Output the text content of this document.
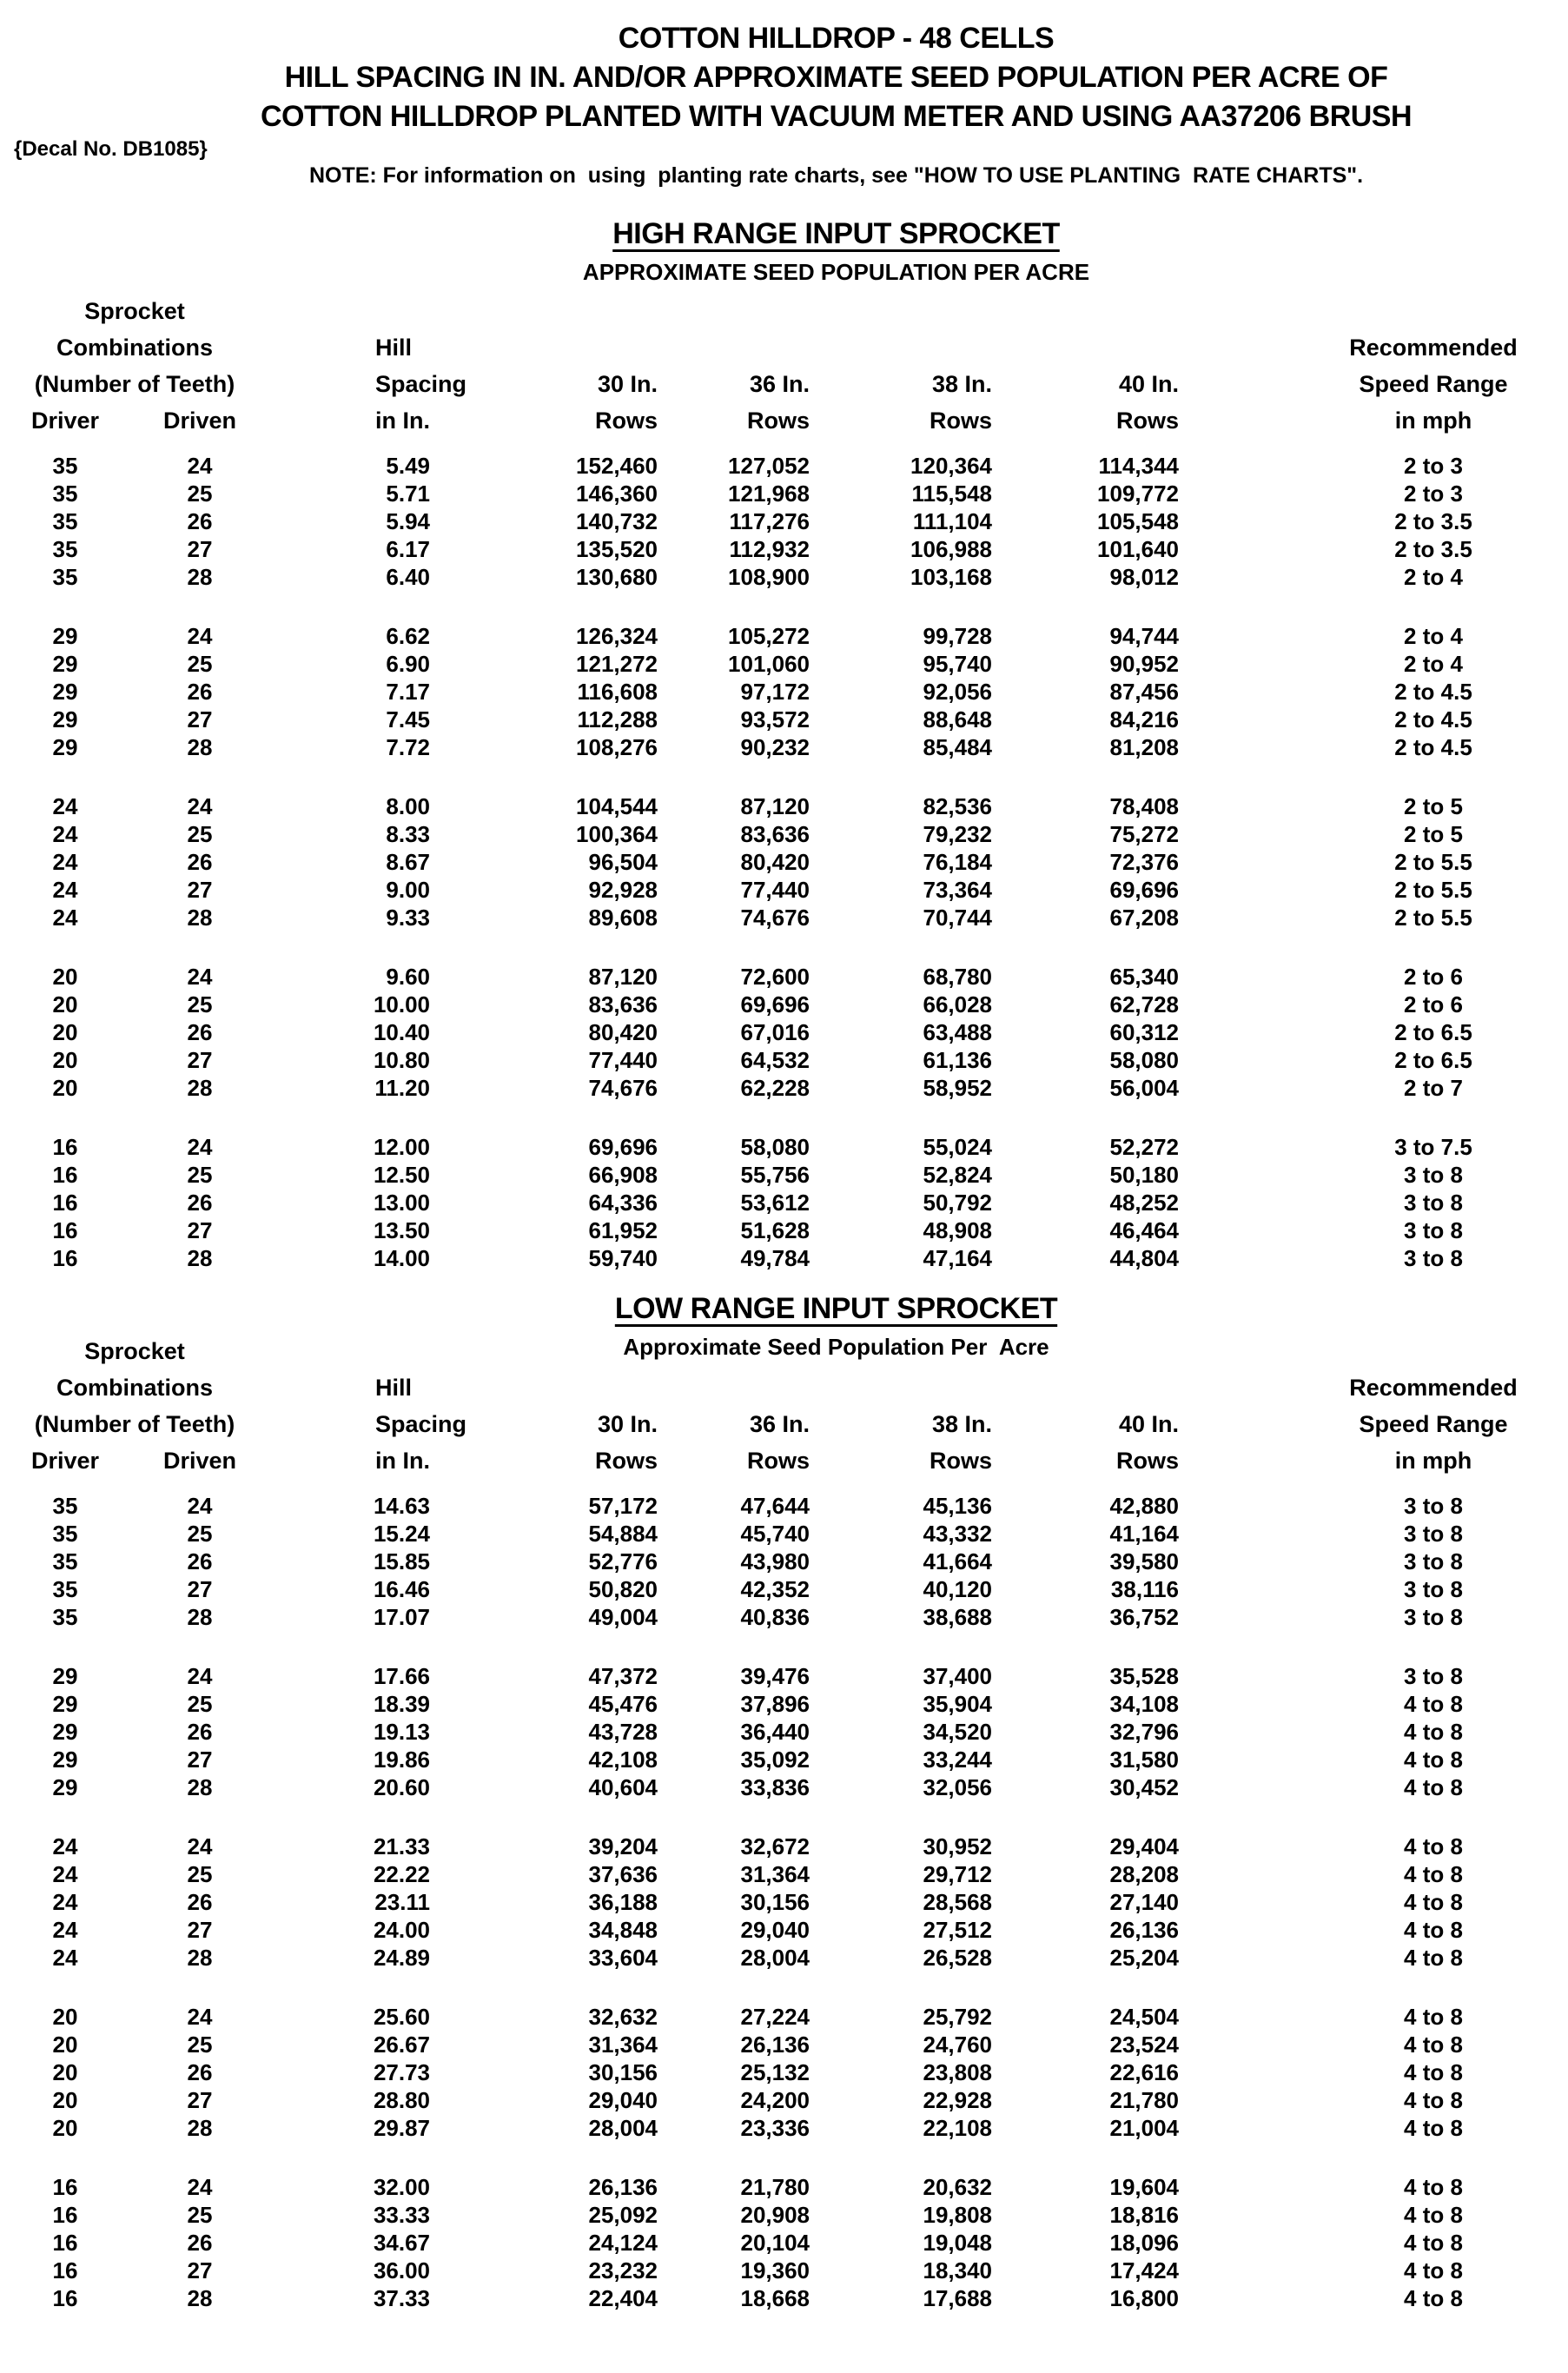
COTTON HILLDROP - 48 CELLS
HILL SPACING IN IN. AND/OR APPROXIMATE SEED POPULATION PER ACRE OF
COTTON HILLDROP PLANTED WITH VACUUM METER AND USING AA37206 BRUSH
{Decal No. DB1085}
NOTE: For information on  using  planting rate charts, see "HOW TO USE PLANTING  RATE CHARTS".
HIGH RANGE INPUT SPROCKET
APPROXIMATE SEED POPULATION PER ACRE
Sprocket							
Combinations		Hill					Recommended
(Number of Teeth)		Spacing	30 In.	36 In.	38 In.	40 In.	Speed Range
Driver	Driven	in In.	Rows	Rows	Rows	Rows	in mph

35	24	5.49	152,460	127,052	120,364	114,344	2 to 3
35	25	5.71	146,360	121,968	115,548	109,772	2 to 3
35	26	5.94	140,732	117,276	111,104	105,548	2 to 3.5
35	27	6.17	135,520	112,932	106,988	101,640	2 to 3.5
35	28	6.40	130,680	108,900	103,168	98,012	2 to 4

29	24	6.62	126,324	105,272	99,728	94,744	2 to 4
29	25	6.90	121,272	101,060	95,740	90,952	2 to 4
29	26	7.17	116,608	97,172	92,056	87,456	2 to 4.5
29	27	7.45	112,288	93,572	88,648	84,216	2 to 4.5
29	28	7.72	108,276	90,232	85,484	81,208	2 to 4.5

24	24	8.00	104,544	87,120	82,536	78,408	2 to 5
24	25	8.33	100,364	83,636	79,232	75,272	2 to 5
24	26	8.67	96,504	80,420	76,184	72,376	2 to 5.5
24	27	9.00	92,928	77,440	73,364	69,696	2 to 5.5
24	28	9.33	89,608	74,676	70,744	67,208	2 to 5.5

20	24	9.60	87,120	72,600	68,780	65,340	2 to 6
20	25	10.00	83,636	69,696	66,028	62,728	2 to 6
20	26	10.40	80,420	67,016	63,488	60,312	2 to 6.5
20	27	10.80	77,440	64,532	61,136	58,080	2 to 6.5
20	28	11.20	74,676	62,228	58,952	56,004	2 to 7

16	24	12.00	69,696	58,080	55,024	52,272	3 to 7.5
16	25	12.50	66,908	55,756	52,824	50,180	3 to 8
16	26	13.00	64,336	53,612	50,792	48,252	3 to 8
16	27	13.50	61,952	51,628	48,908	46,464	3 to 8
16	28	14.00	59,740	49,784	47,164	44,804	3 to 8
LOW RANGE INPUT SPROCKET
Approximate Seed Population Per  Acre
Sprocket							
Combinations		Hill					Recommended
(Number of Teeth)		Spacing	30 In.	36 In.	38 In.	40 In.	Speed Range
Driver	Driven	in In.	Rows	Rows	Rows	Rows	in mph

35	24	14.63	57,172	47,644	45,136	42,880	3 to 8
35	25	15.24	54,884	45,740	43,332	41,164	3 to 8
35	26	15.85	52,776	43,980	41,664	39,580	3 to 8
35	27	16.46	50,820	42,352	40,120	38,116	3 to 8
35	28	17.07	49,004	40,836	38,688	36,752	3 to 8

29	24	17.66	47,372	39,476	37,400	35,528	3 to 8
29	25	18.39	45,476	37,896	35,904	34,108	4 to 8
29	26	19.13	43,728	36,440	34,520	32,796	4 to 8
29	27	19.86	42,108	35,092	33,244	31,580	4 to 8
29	28	20.60	40,604	33,836	32,056	30,452	4 to 8

24	24	21.33	39,204	32,672	30,952	29,404	4 to 8
24	25	22.22	37,636	31,364	29,712	28,208	4 to 8
24	26	23.11	36,188	30,156	28,568	27,140	4 to 8
24	27	24.00	34,848	29,040	27,512	26,136	4 to 8
24	28	24.89	33,604	28,004	26,528	25,204	4 to 8

20	24	25.60	32,632	27,224	25,792	24,504	4 to 8
20	25	26.67	31,364	26,136	24,760	23,524	4 to 8
20	26	27.73	30,156	25,132	23,808	22,616	4 to 8
20	27	28.80	29,040	24,200	22,928	21,780	4 to 8
20	28	29.87	28,004	23,336	22,108	21,004	4 to 8

16	24	32.00	26,136	21,780	20,632	19,604	4 to 8
16	25	33.33	25,092	20,908	19,808	18,816	4 to 8
16	26	34.67	24,124	20,104	19,048	18,096	4 to 8
16	27	36.00	23,232	19,360	18,340	17,424	4 to 8
16	28	37.33	22,404	18,668	17,688	16,800	4 to 8
